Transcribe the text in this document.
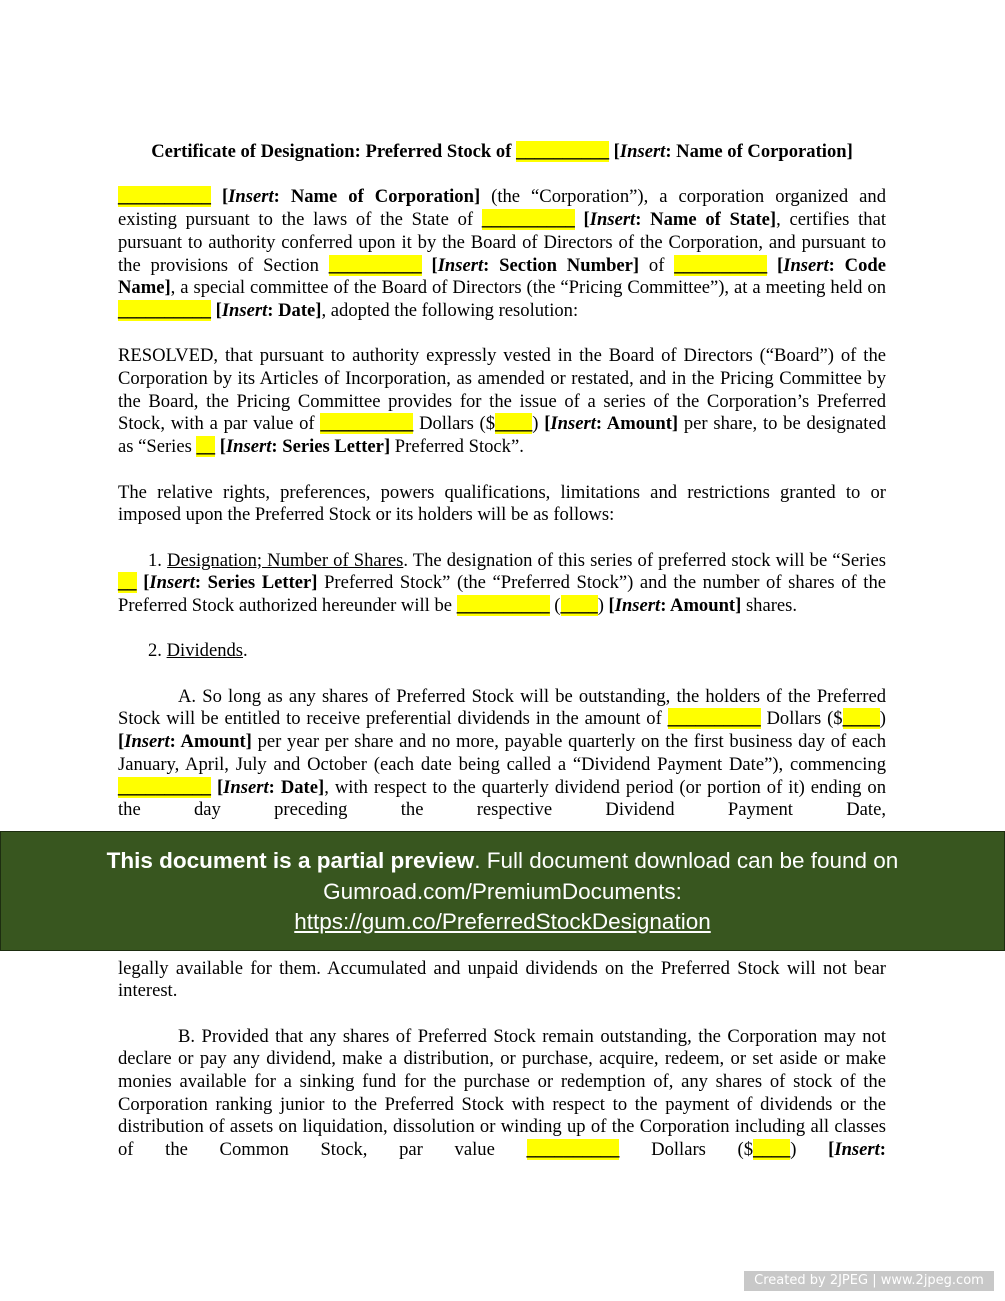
Certificate of Designation: Preferred Stock of __________ [Insert: Name of Corporation]
__________ [Insert: Name of Corporation] (the “Corporation”), a corporation organized and existing pursuant to the laws of the State of __________ [Insert: Name of State], certifies that pursuant to authority conferred upon it by the Board of Directors of the Corporation, and pursuant to the provisions of Section __________ [Insert: Section Number] of __________ [Insert: Code Name], a special committee of the Board of Directors (the “Pricing Committee”), at a meeting held on __________ [Insert: Date], adopted the following resolution:
RESOLVED, that pursuant to authority expressly vested in the Board of Directors (“Board”) of the Corporation by its Articles of Incorporation, as amended or restated, and in the Pricing Committee by the Board, the Pricing Committee provides for the issue of a series of the Corporation’s Preferred Stock, with a par value of __________ Dollars ($____) [Insert: Amount] per share, to be designated as “Series __ [Insert: Series Letter] Preferred Stock”.
The relative rights, preferences, powers qualifications, limitations and restrictions granted to or imposed upon the Preferred Stock or its holders will be as follows:
1. Designation; Number of Shares. The designation of this series of preferred stock will be “Series __ [Insert: Series Letter] Preferred Stock” (the “Preferred Stock”) and the number of shares of the Preferred Stock authorized hereunder will be __________ (____) [Insert: Amount] shares.
2. Dividends.
A. So long as any shares of Preferred Stock will be outstanding, the holders of the Preferred Stock will be entitled to receive preferential dividends in the amount of __________ Dollars ($____) [Insert: Amount] per year per share and no more, payable quarterly on the first business day of each January, April, July and October (each date being called a “Dividend Payment Date”), commencing __________ [Insert: Date], with respect to the quarterly dividend period (or portion of it) ending on the day preceding the respective Dividend Payment Date,
This document is a partial preview. Full document download can be found on
Gumroad.com/PremiumDocuments:
https://gum.co/PreferredStockDesignation
legally available for them. Accumulated and unpaid dividends on the Preferred Stock will not bear interest.
B. Provided that any shares of Preferred Stock remain outstanding, the Corporation may not declare or pay any dividend, make a distribution, or purchase, acquire, redeem, or set aside or make monies available for a sinking fund for the purchase or redemption of, any shares of stock of the Corporation ranking junior to the Preferred Stock with respect to the payment of dividends or the distribution of assets on liquidation, dissolution or winding up of the Corporation including all classes of the Common Stock, par value __________ Dollars ($____) [Insert:
Created by 2JPEG | www.2jpeg.com
